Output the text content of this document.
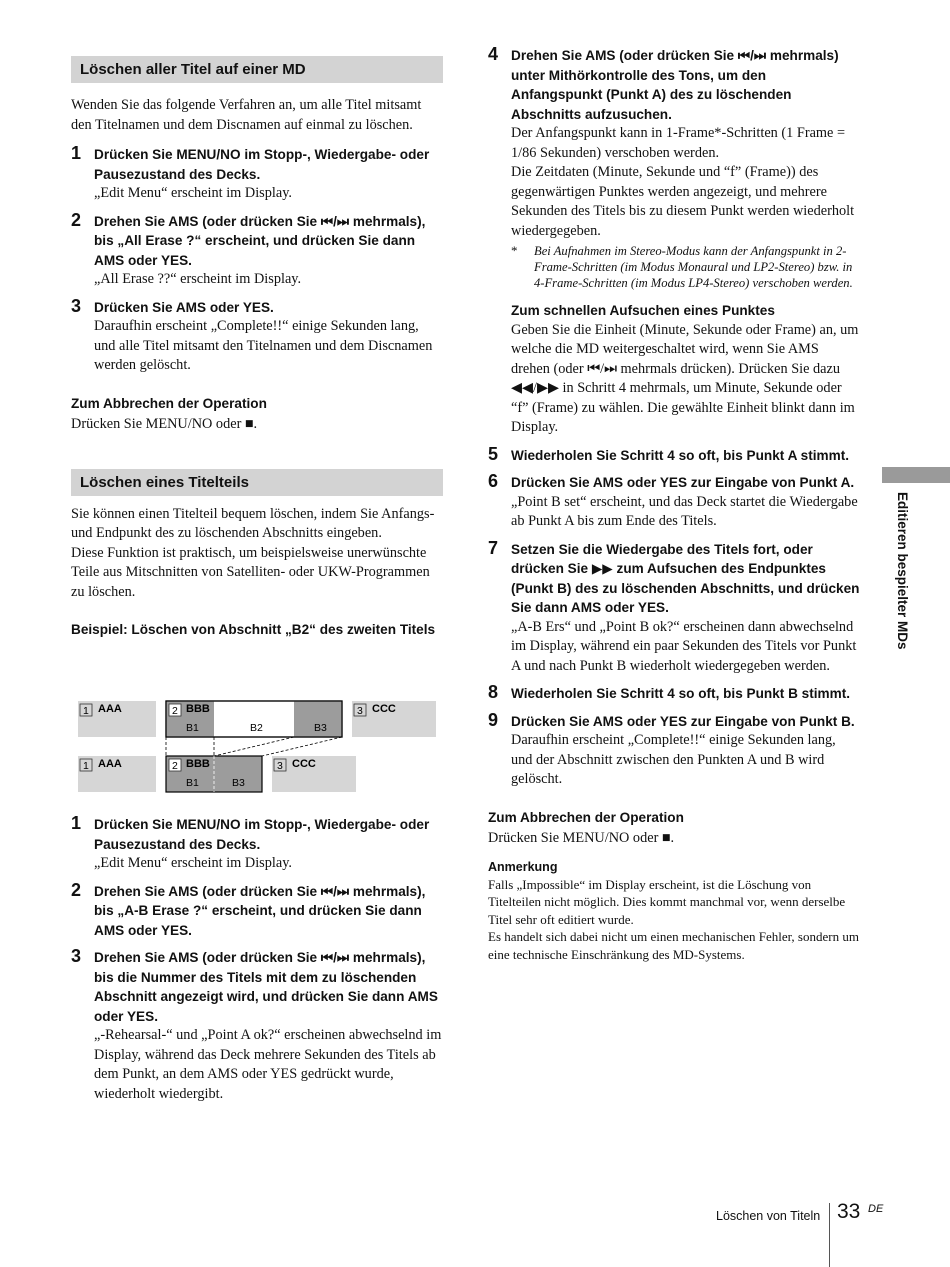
Löschen aller Titel auf einer MD

Wenden Sie das folgende Verfahren an, um alle Titel mitsamt den Titelnamen und dem Discnamen auf einmal zu löschen.

1 Drücken Sie MENU/NO im Stopp-, Wiedergabe- oder Pausezustand des Decks.

„Edit Menu“ erscheint im Display.

2 Drehen Sie AMS (oder drücken Sie ⏮/⏭ mehrmals), bis „All Erase ?“ erscheint, und drücken Sie dann AMS oder YES.

„All Erase ??“ erscheint im Display.

3 Drücken Sie AMS oder YES.

Daraufhin erscheint „Complete!!“ einige Sekunden lang, und alle Titel mitsamt den Titelnamen und dem Discnamen werden gelöscht.

Zum Abbrechen der Operation

Drücken Sie MENU/NO oder ■.

Löschen eines Titelteils

Sie können einen Titelteil bequem löschen, indem Sie Anfangs- und Endpunkt des zu löschenden Abschnitts eingeben.

Diese Funktion ist praktisch, um beispielsweise unerwünschte Teile aus Mitschnitten von Satelliten- oder UKW-Programmen zu löschen.

Beispiel: Löschen von Abschnitt „B2“ des zweiten Titels

1 AAA	2 BBB
B1	B2	B3
3 CCC
1 AAA	2 BBB
B1	B3
3 CCC
1 Drücken Sie MENU/NO im Stopp-, Wiedergabe- oder Pausezustand des Decks.

„Edit Menu“ erscheint im Display.

2 Drehen Sie AMS (oder drücken Sie ⏮/⏭ mehrmals), bis „A-B Erase ?“ erscheint, und drücken Sie dann AMS oder YES.

3 Drehen Sie AMS (oder drücken Sie ⏮/⏭ mehrmals), bis die Nummer des Titels mit dem zu löschenden Abschnitt angezeigt wird, und drücken Sie dann AMS oder YES.

„-Rehearsal-“ und „Point A ok?“ erscheinen abwechselnd im Display, während das Deck mehrere Sekunden des Titels ab dem Punkt, an dem AMS oder YES gedrückt wurde, wiederholt wiedergibt.

4 Drehen Sie AMS (oder drücken Sie ⏮/⏭ mehrmals) unter Mithörkontrolle des Tons, um den Anfangspunkt (Punkt A) des zu löschenden Abschnitts aufzusuchen.

Der Anfangspunkt kann in 1-Frame*-Schritten (1 Frame = 1/86 Sekunden) verschoben werden.

Die Zeitdaten (Minute, Sekunde und “f” (Frame)) des gegenwärtigen Punktes werden angezeigt, und mehrere Sekunden des Titels bis zu diesem Punkt werden wiederholt wiedergegeben.

* Bei Aufnahmen im Stereo-Modus kann der Anfangspunkt in 2-Frame-Schritten (im Modus Monaural und LP2-Stereo) bzw. in 4-Frame-Schritten (im Modus LP4-Stereo) verschoben werden.

Zum schnellen Aufsuchen eines Punktes

Geben Sie die Einheit (Minute, Sekunde oder Frame) an, um welche die MD weitergeschaltet wird, wenn Sie AMS drehen (oder ⏮/⏭ mehrmals drücken). Drücken Sie dazu ◀◀/▶▶ in Schritt 4 mehrmals, um Minute, Sekunde oder “f” (Frame) zu wählen. Die gewählte Einheit blinkt dann im Display.

5 Wiederholen Sie Schritt 4 so oft, bis Punkt A stimmt.

6 Drücken Sie AMS oder YES zur Eingabe von Punkt A.

„Point B set“ erscheint, und das Deck startet die Wiedergabe ab Punkt A bis zum Ende des Titels.

7 Setzen Sie die Wiedergabe des Titels fort, oder drücken Sie ▶▶ zum Aufsuchen des Endpunktes (Punkt B) des zu löschenden Abschnitts, und drücken Sie dann AMS oder YES.

„A-B Ers“ und „Point B ok?“ erscheinen dann abwechselnd im Display, während ein paar Sekunden des Titels vor Punkt A und nach Punkt B wiederholt wiedergegeben werden.

8 Wiederholen Sie Schritt 4 so oft, bis Punkt B stimmt.

9 Drücken Sie AMS oder YES zur Eingabe von Punkt B.

Daraufhin erscheint „Complete!!“ einige Sekunden lang, und der Abschnitt zwischen den Punkten A und B wird gelöscht.

Zum Abbrechen der Operation

Drücken Sie MENU/NO oder ■.

Anmerkung

Falls „Impossible“ im Display erscheint, ist die Löschung von Titelteilen nicht möglich. Dies kommt manchmal vor, wenn derselbe Titel sehr oft editiert wurde.

Es handelt sich dabei nicht um einen mechanischen Fehler, sondern um eine technische Einschränkung des MD-Systems.

Editieren bespielter MDs
Löschen von Titeln 33 DE
